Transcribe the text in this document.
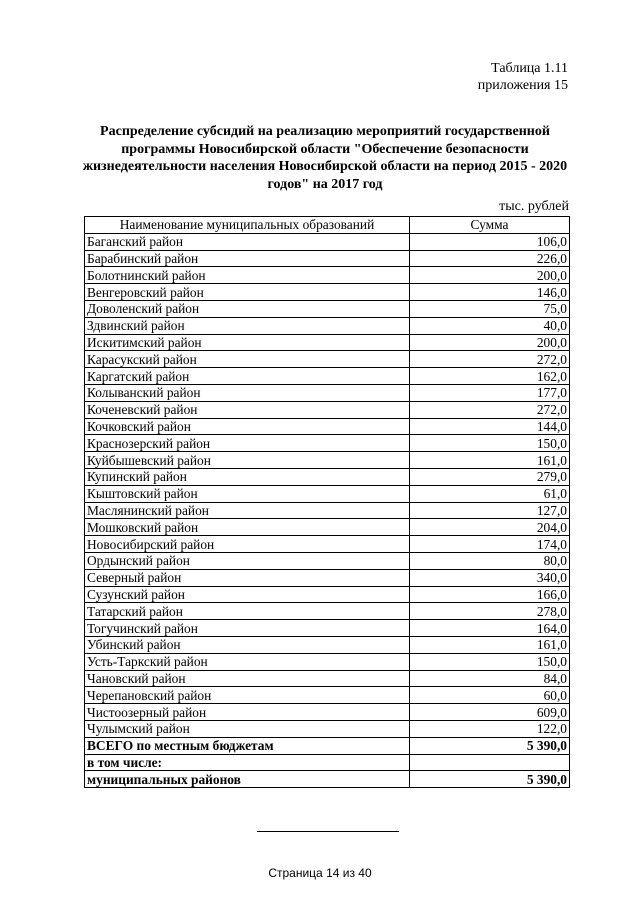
Таблица 1.11
приложения 15
Распределение субсидий на реализацию мероприятий государственной
программы Новосибирской области "Обеспечение безопасности
жизнедеятельности населения Новосибирской области на период 2015 - 2020
годов" на 2017 год
тыс. рублей
Наименование муниципальных образований	Сумма
Баганский район	106,0
Барабинский район	226,0
Болотнинский район	200,0
Венгеровский район	146,0
Доволенский район	75,0
Здвинский район	40,0
Искитимский район	200,0
Карасукский район	272,0
Каргатский район	162,0
Колыванский район	177,0
Коченевский район	272,0
Кочковский район	144,0
Краснозерский район	150,0
Куйбышевский район	161,0
Купинский район	279,0
Кыштовский район	61,0
Маслянинский район	127,0
Мошковский район	204,0
Новосибирский район	174,0
Ордынский район	80,0
Северный район	340,0
Сузунский район	166,0
Татарский район	278,0
Тогучинский район	164,0
Убинский район	161,0
Усть-Таркский район	150,0
Чановский район	84,0
Черепановский район	60,0
Чистоозерный район	609,0
Чулымский район	122,0
ВСЕГО по местным бюджетам	5 390,0
в том числе:	
муниципальных районов	5 390,0
Страница 14 из 40
